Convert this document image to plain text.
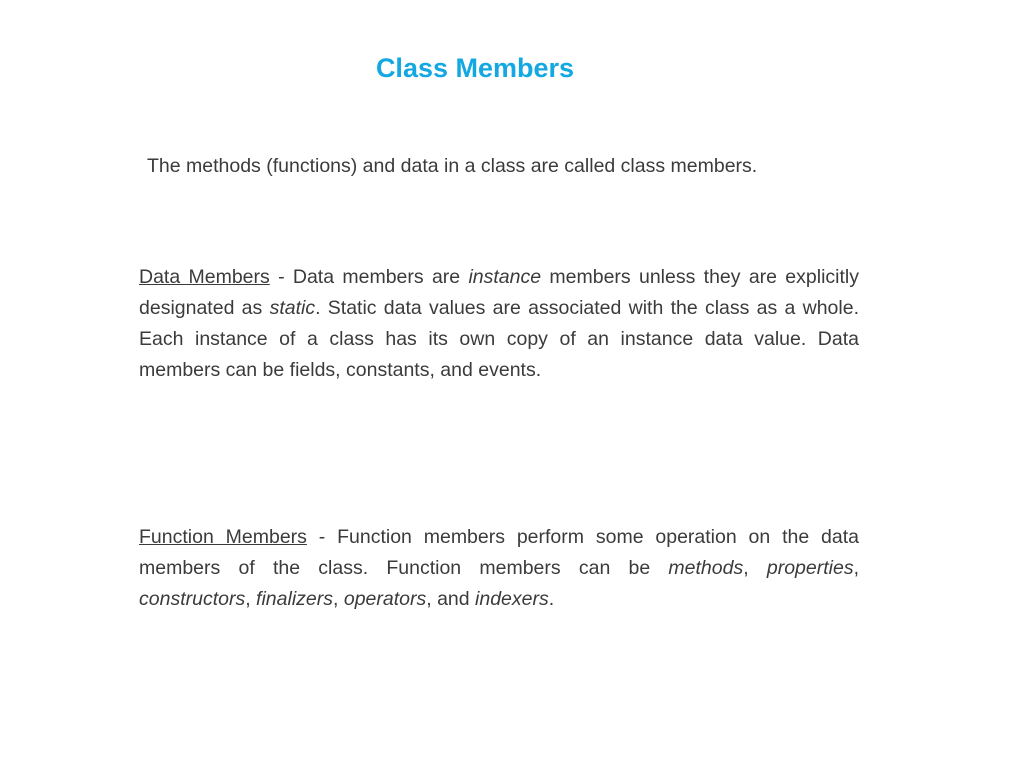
Class Members
The methods (functions) and data in a class are called class members.
Data Members - Data members are instance members unless they are explicitly designated as static. Static data values are associated with the class as a whole. Each instance of a class has its own copy of an instance data value. Data members can be fields, constants, and events.
Function Members - Function members perform some operation on the data members of the class. Function members can be methods, properties, constructors, finalizers, operators, and indexers.
